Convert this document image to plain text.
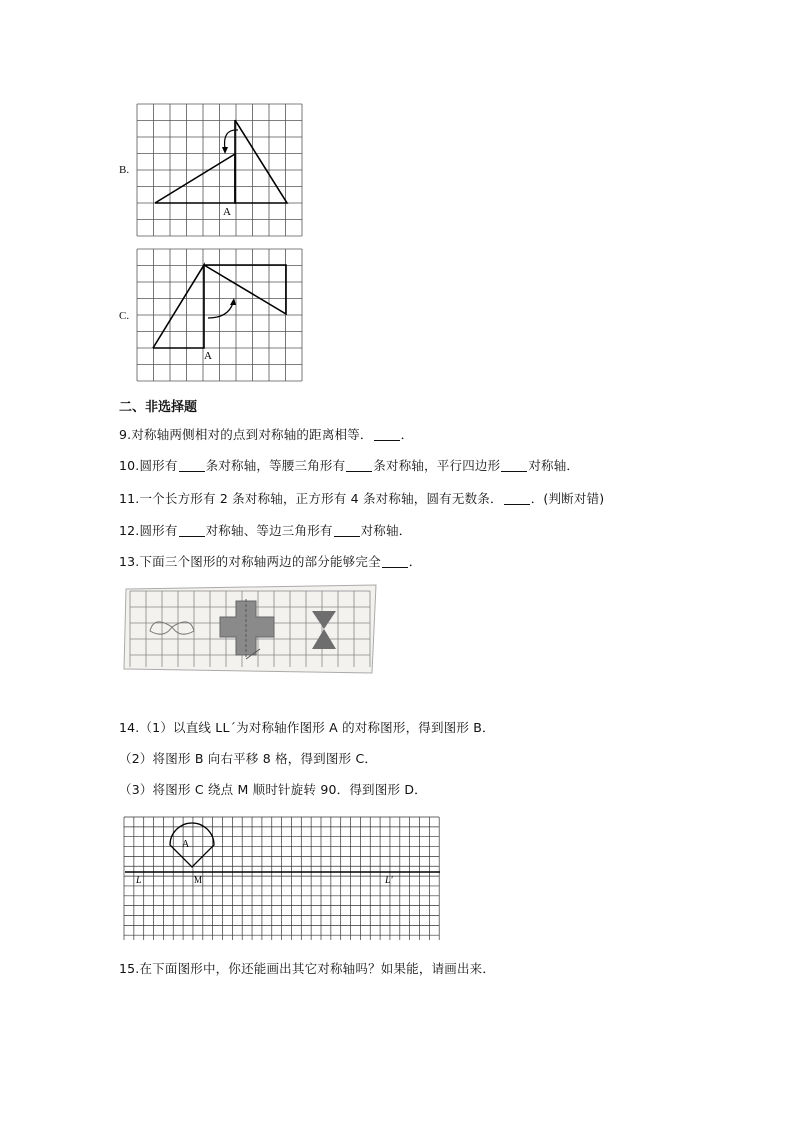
B.
A
C.
A
二、非选择题
9.对称轴两侧相对的点到对称轴的距离相等． ．
10.圆形有 条对称轴，等腰三角形有 条对称轴，平行四边形 对称轴．
11.一个长方形有 2 条对称轴，正方形有 4 条对称轴，圆有无数条． ．(判断对错)
12.圆形有 对称轴、等边三角形有 对称轴．
13.下面三个图形的对称轴两边的部分能够完全 ．
14.（1）以直线 LL´为对称轴作图形 A 的对称图形，得到图形 B．
（2）将图形 B 向右平移 8 格，得到图形 C．
（3）将图形 C 绕点 M 顺时针旋转 90．得到图形 D．
A
L	M	L'
15.在下面图形中，你还能画出其它对称轴吗？如果能，请画出来．
